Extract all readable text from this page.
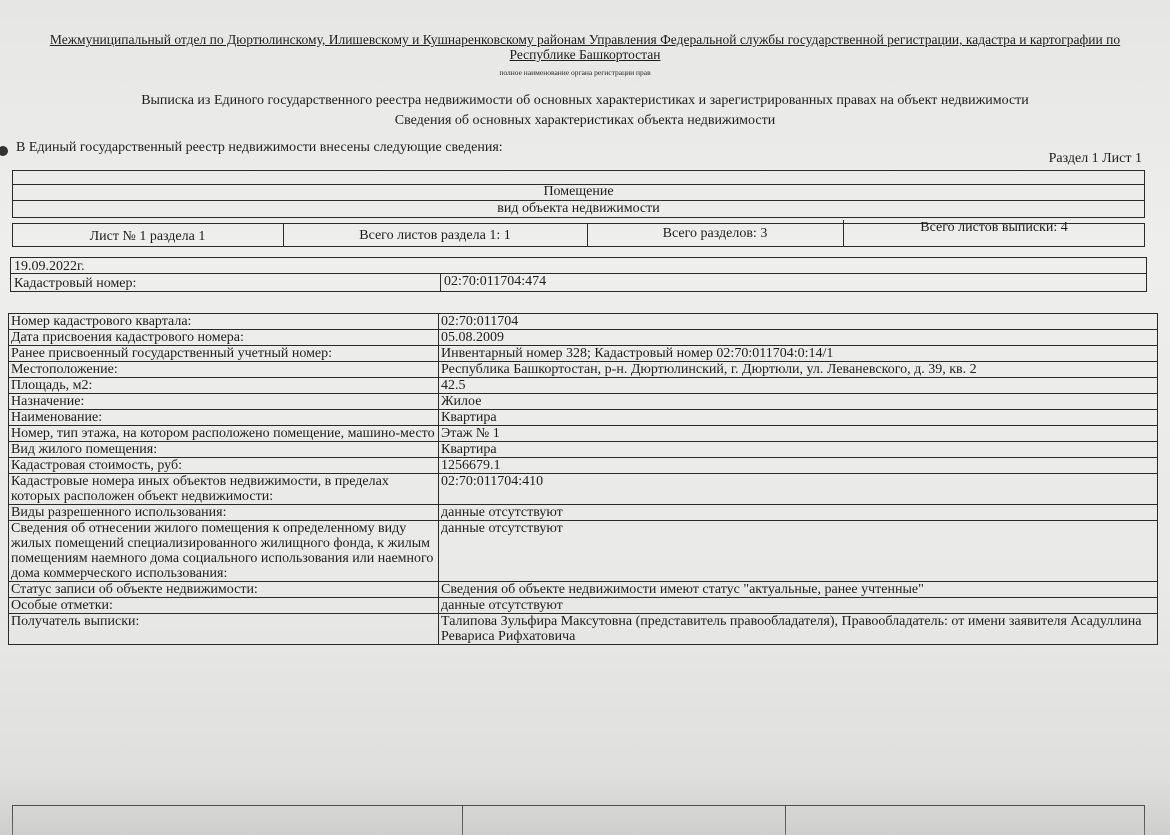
Межмуниципальный отдел по Дюртюлинскому, Илишевскому и Кушнаренковскому районам Управления Федеральной службы государственной регистрации, кадастра и картографии по Республике Башкортостан
полное наименование органа регистрации прав
Выписка из Единого государственного реестра недвижимости об основных характеристиках и зарегистрированных правах на объект недвижимости
Сведения об основных характеристиках объекта недвижимости
В Единый государственный реестр недвижимости внесены следующие сведения:
Раздел 1 Лист 1
Помещение
вид объекта недвижимости
Лист № 1 раздела 1	Всего листов раздела 1: 1	Всего разделов: 3	Всего листов выписки: 4
19.09.2022г.
Кадастровый номер:	02:70:011704:474
Номер кадастрового квартала:	02:70:011704
Дата присвоения кадастрового номера:	05.08.2009
Ранее присвоенный государственный учетный номер:	Инвентарный номер 328; Кадастровый номер 02:70:011704:0:14/1
Местоположение:	Республика Башкортостан, р-н. Дюртюлинский, г. Дюртюли, ул. Леваневского, д. 39, кв. 2
Площадь, м2:	42.5
Назначение:	Жилое
Наименование:	Квартира
Номер, тип этажа, на котором расположено помещение, машино-место	Этаж № 1
Вид жилого помещения:	Квартира
Кадастровая стоимость, руб:	1256679.1
Кадастровые номера иных объектов недвижимости, в пределах которых расположен объект недвижимости:	02:70:011704:410
Виды разрешенного использования:	данные отсутствуют
Сведения об отнесении жилого помещения к определенному виду жилых помещений специализированного жилищного фонда, к жилым помещениям наемного дома социального использования или наемного дома коммерческого использования:	данные отсутствуют
Статус записи об объекте недвижимости:	Сведения об объекте недвижимости имеют статус "актуальные, ранее учтенные"
Особые отметки:	данные отсутствуют
Получатель выписки:	Талипова Зульфира Максутовна (представитель правообладателя), Правообладатель: от имени заявителя Асадуллина Ревариса Рифхатовича
